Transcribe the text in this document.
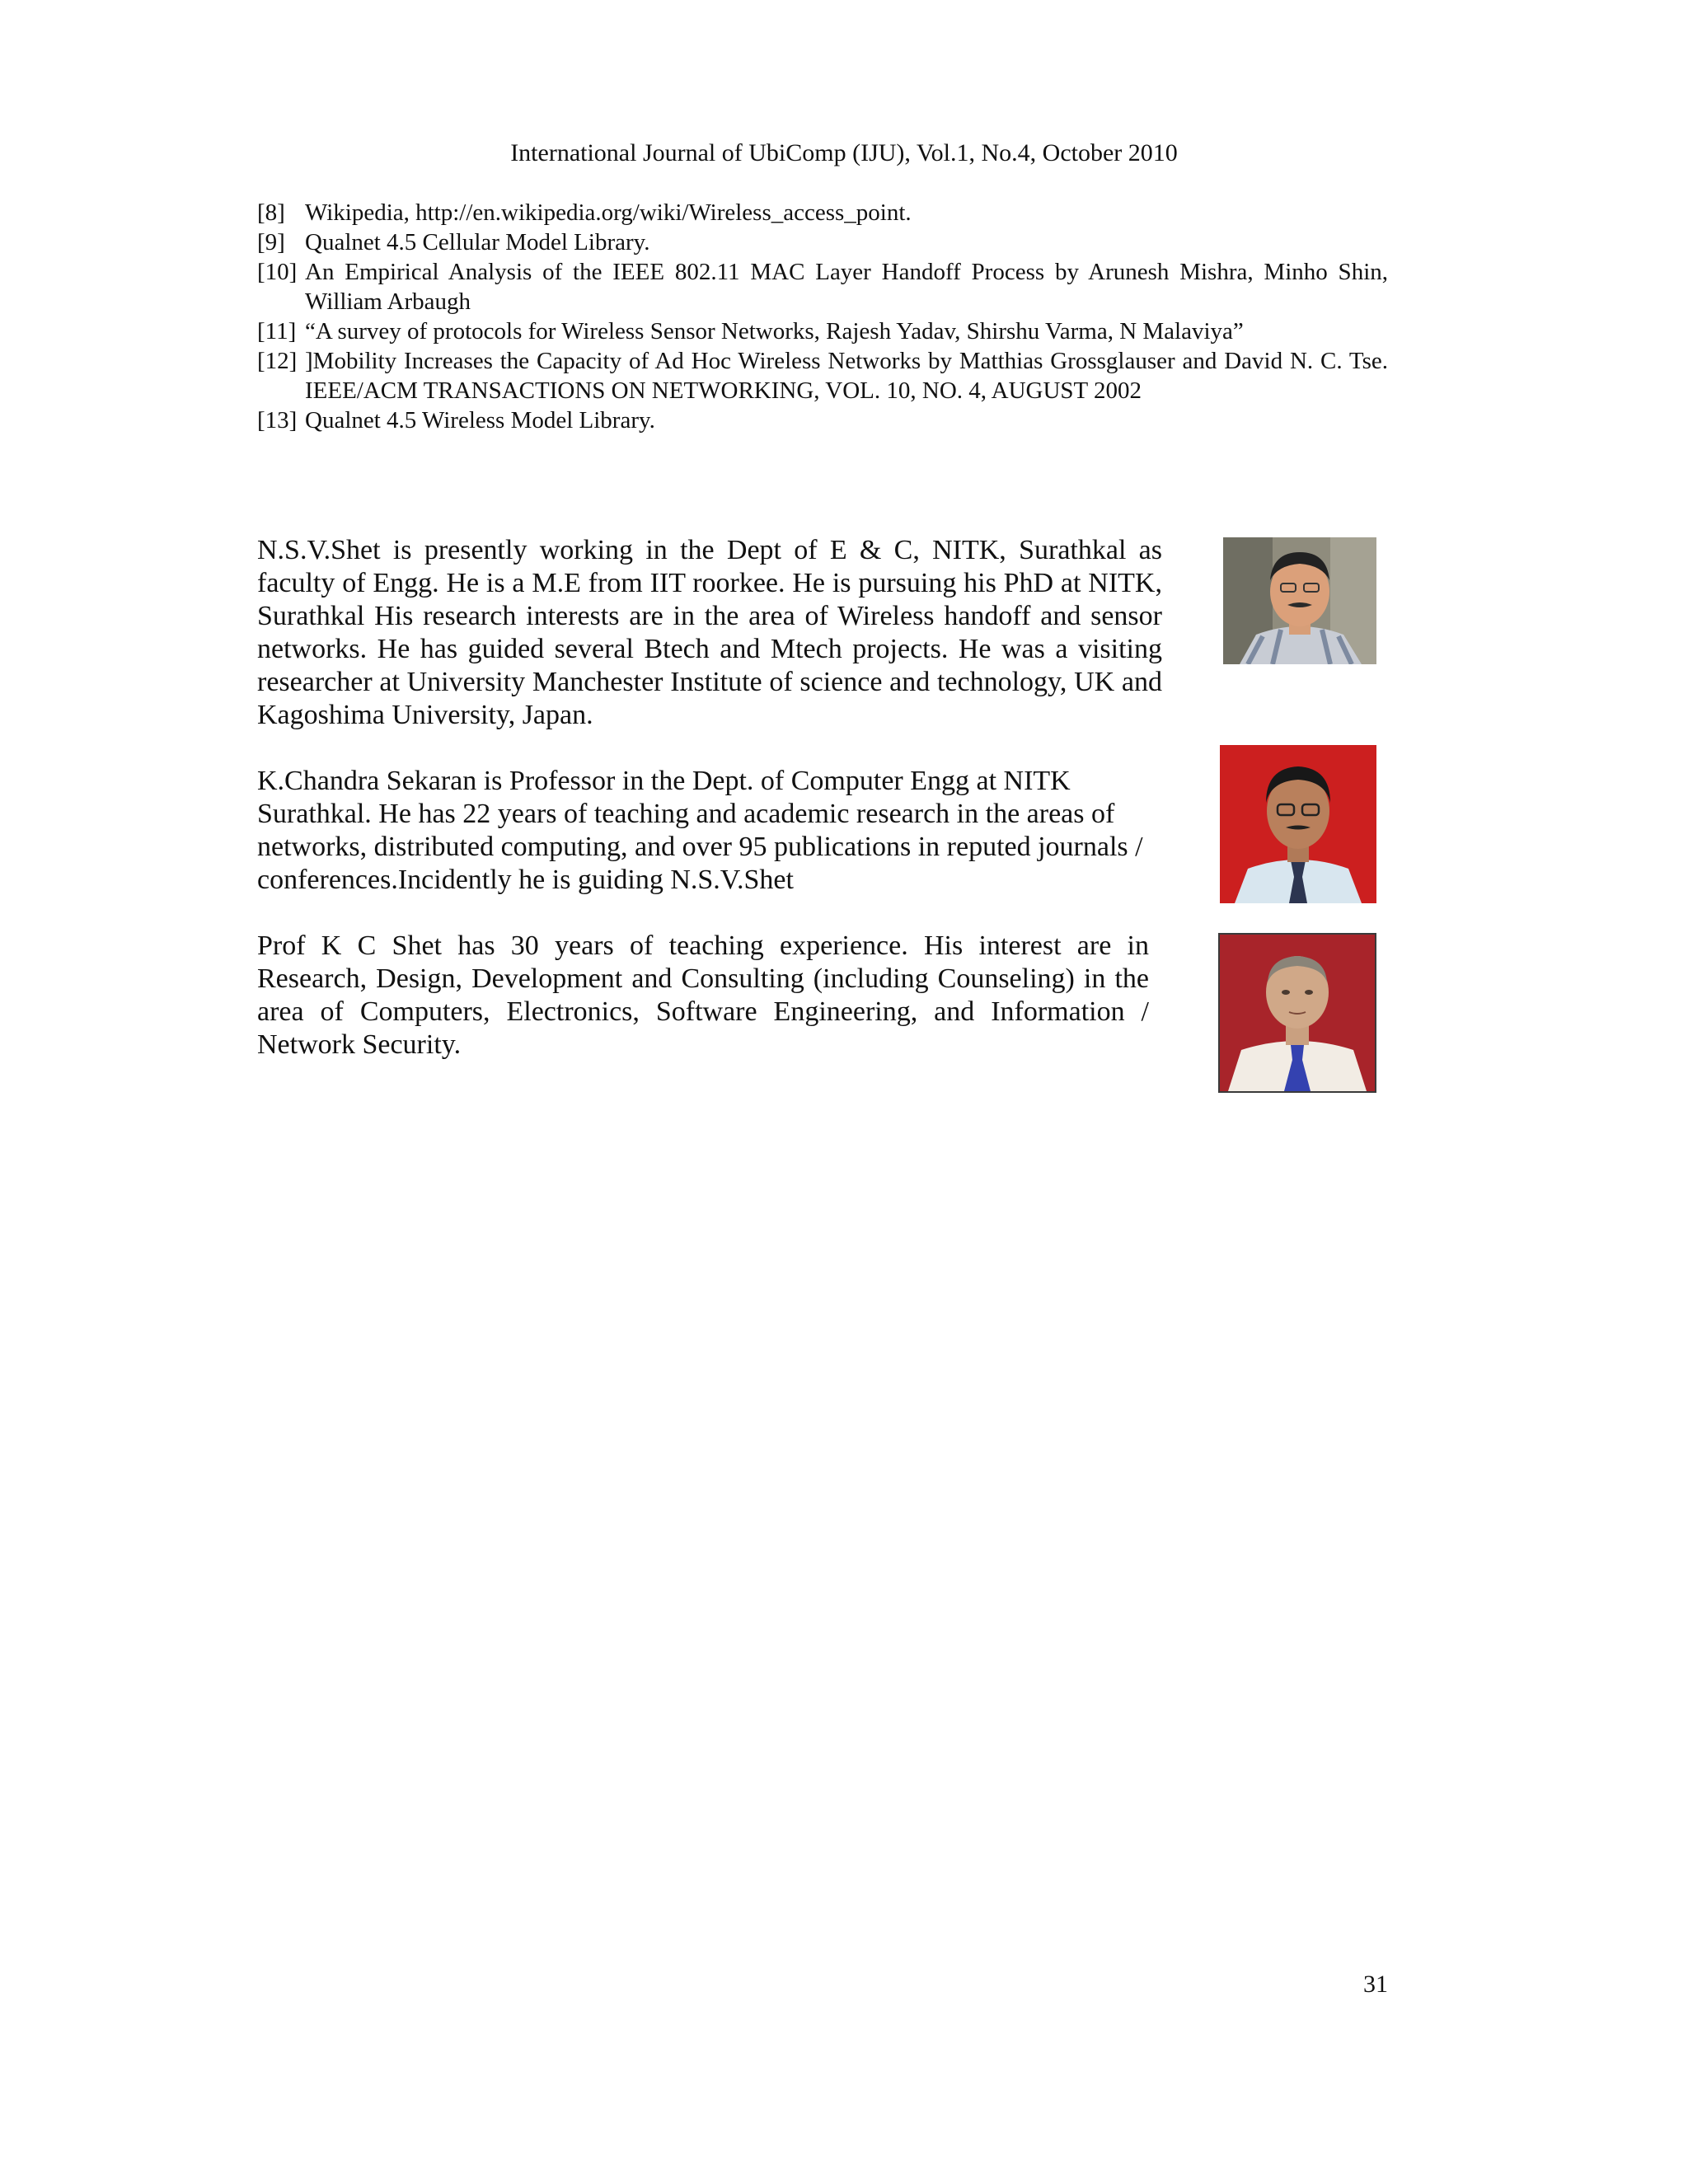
International Journal of UbiComp (IJU), Vol.1, No.4, October 2010
[8] Wikipedia, http://en.wikipedia.org/wiki/Wireless_access_point.
[9] Qualnet 4.5 Cellular Model Library.
[10] An Empirical Analysis of the IEEE 802.11 MAC Layer Handoff Process by Arunesh Mishra, Minho Shin, William Arbaugh
[11] “A survey of protocols for Wireless Sensor Networks, Rajesh Yadav, Shirshu Varma, N Malaviya”
[12] ]Mobility Increases the Capacity of Ad Hoc Wireless Networks by Matthias Grossglauser and David N. C. Tse. IEEE/ACM TRANSACTIONS ON NETWORKING, VOL. 10, NO. 4, AUGUST 2002
[13] Qualnet 4.5 Wireless Model Library.

N.S.V.Shet is presently working in the Dept of E & C, NITK, Surathkal as faculty of Engg. He is a M.E from IIT roorkee. He is pursuing his PhD at NITK, Surathkal His research interests are in the area of Wireless handoff and sensor networks. He has guided several Btech and Mtech projects. He was a visiting researcher at University Manchester Institute of science and technology, UK and Kagoshima University, Japan.

K.Chandra Sekaran is Professor in the Dept. of Computer Engg at NITK Surathkal. He has 22 years of teaching and academic research in the areas of networks, distributed computing, and over 95 publications in reputed journals / conferences.Incidently he is guiding N.S.V.Shet

Prof K C Shet has 30 years of teaching experience. His interest are in Research, Design, Development and Consulting (including Counseling) in the area of Computers, Electronics, Software Engineering, and Information / Network Security.

31
